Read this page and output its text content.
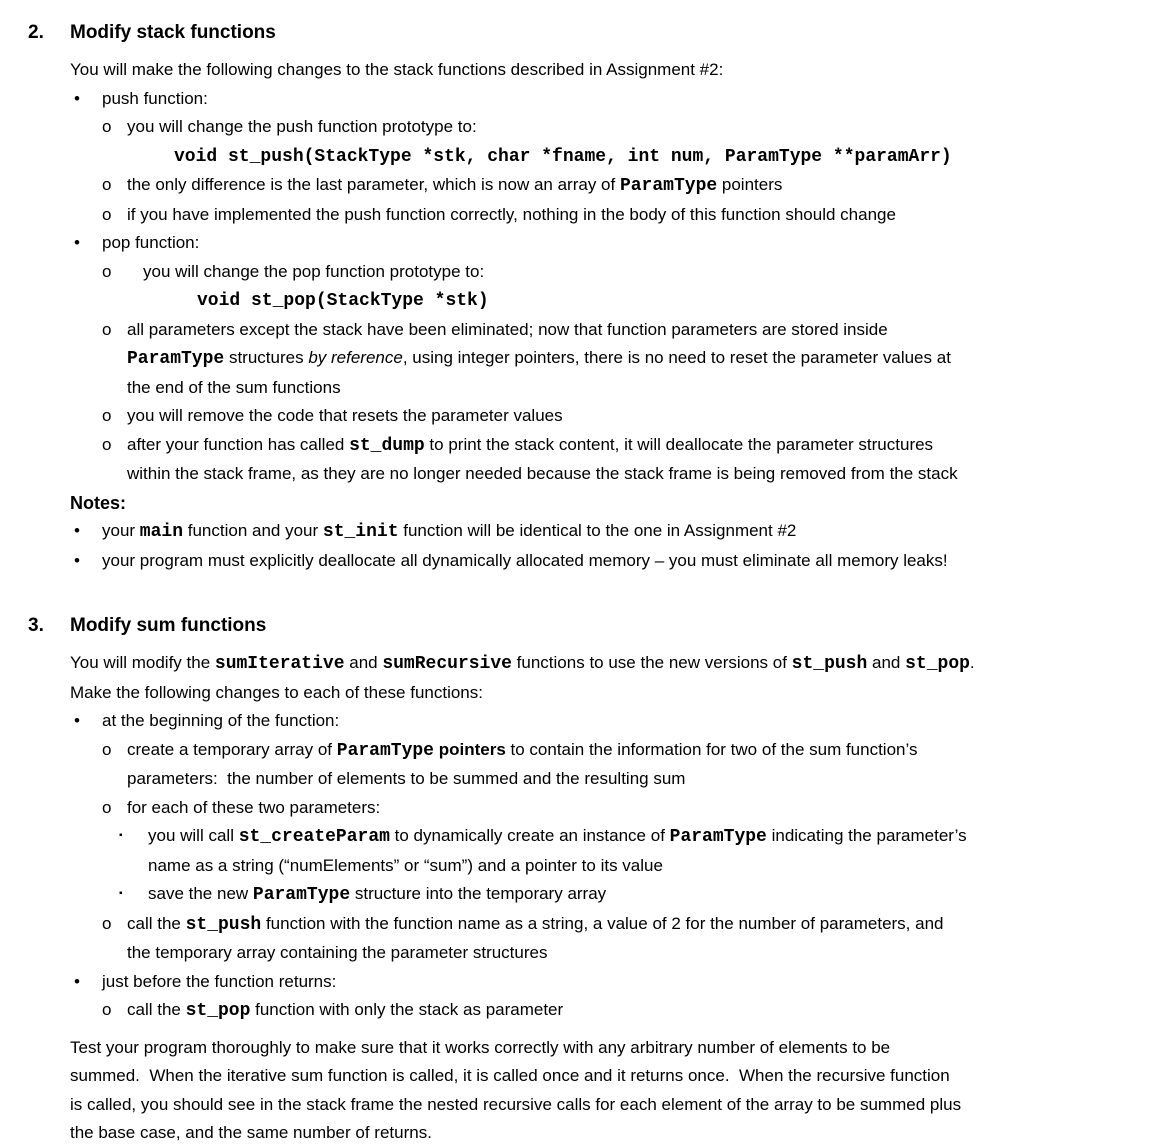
2. Modify stack functions
You will make the following changes to the stack functions described in Assignment #2:
• push function:
o you will change the push function prototype to:
void st_push(StackType *stk, char *fname, int num, ParamType **paramArr)
o the only difference is the last parameter, which is now an array of ParamType pointers
o if you have implemented the push function correctly, nothing in the body of this function should change
• pop function:
o you will change the pop function prototype to:
void st_pop(StackType *stk)
o all parameters except the stack have been eliminated; now that function parameters are stored inside
ParamType structures by reference, using integer pointers, there is no need to reset the parameter values at
the end of the sum functions
o you will remove the code that resets the parameter values
o after your function has called st_dump to print the stack content, it will deallocate the parameter structures
within the stack frame, as they are no longer needed because the stack frame is being removed from the stack
Notes:
• your main function and your st_init function will be identical to the one in Assignment #2
• your program must explicitly deallocate all dynamically allocated memory – you must eliminate all memory leaks!
3. Modify sum functions
You will modify the sumIterative and sumRecursive functions to use the new versions of st_push and st_pop.
Make the following changes to each of these functions:
• at the beginning of the function:
o create a temporary array of ParamType pointers to contain the information for two of the sum function’s
parameters:  the number of elements to be summed and the resulting sum
o for each of these two parameters:
▪ you will call st_createParam to dynamically create an instance of ParamType indicating the parameter’s
name as a string (“numElements” or “sum”) and a pointer to its value
▪ save the new ParamType structure into the temporary array
o call the st_push function with the function name as a string, a value of 2 for the number of parameters, and
the temporary array containing the parameter structures
• just before the function returns:
o call the st_pop function with only the stack as parameter
Test your program thoroughly to make sure that it works correctly with any arbitrary number of elements to be
summed.  When the iterative sum function is called, it is called once and it returns once.  When the recursive function
is called, you should see in the stack frame the nested recursive calls for each element of the array to be summed plus
the base case, and the same number of returns.
